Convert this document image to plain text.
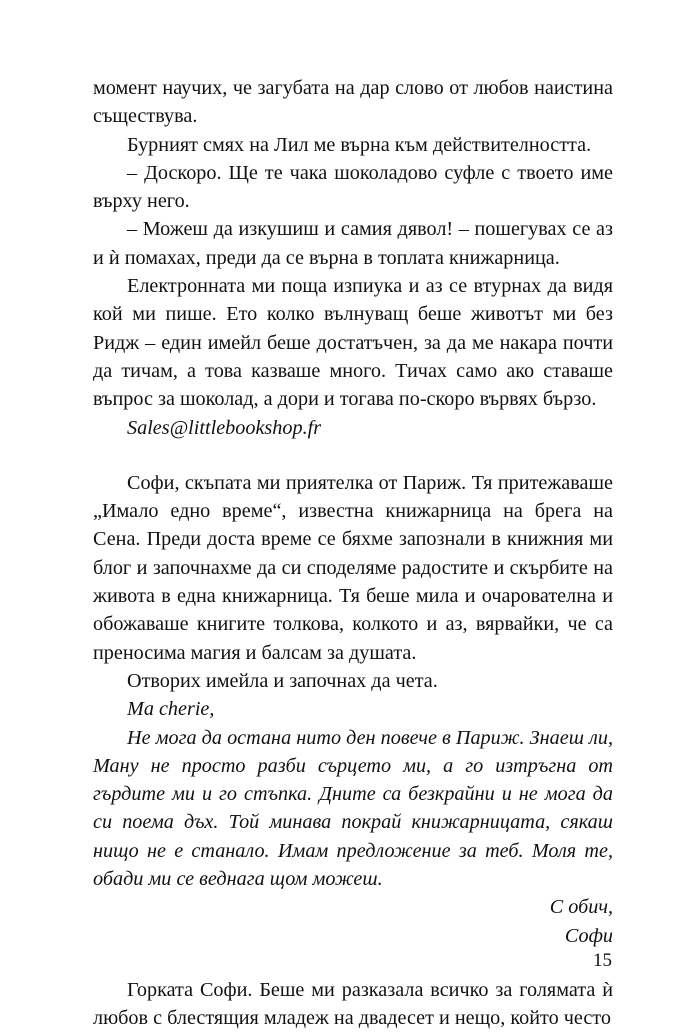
момент научих, че загубата на дар слово от любов наистина съществува.

Бурният смях на Лил ме върна към действителността.

– Доскоро. Ще те чака шоколадово суфле с твоето име върху него.

– Можеш да изкушиш и самия дявол! – пошегувах се аз и ѝ помахах, преди да се върна в топлата книжарница.

Електронната ми поща изпиука и аз се втурнах да видя кой ми пише. Ето колко вълнуващ беше животът ми без Ридж – един имейл беше достатъчен, за да ме накара почти да тичам, а това казваше много. Тичах само ако ставаше въпрос за шоколад, а дори и тогава по-скоро вървях бързо.

Sales@littlebookshop.fr

Софи, скъпата ми приятелка от Париж. Тя притежаваше „Имало едно време“, известна книжарница на брега на Сена. Преди доста време се бяхме запознали в книжния ми блог и започнахме да си споделяме радостите и скърбите на живота в една книжарница. Тя беше мила и очарователна и обожаваше книгите толкова, колкото и аз, вярвайки, че са преносима магия и балсам за душата.

Отворих имейла и започнах да чета.

Ma cherie,

Не мога да остана нито ден повече в Париж. Знаеш ли, Ману не просто разби сърцето ми, а го изтръгна от гърдите ми и го стъпка. Дните са безкрайни и не мога да си поема дъх. Той минава покрай книжарницата, сякаш нищо не е станало. Имам предложение за теб. Моля те, обади ми се веднага щом можеш.

С обич,

Софи

Горката Софи. Беше ми разказала всичко за голямата ѝ любов с блестящия младеж на двадесет и нещо, който често

15
